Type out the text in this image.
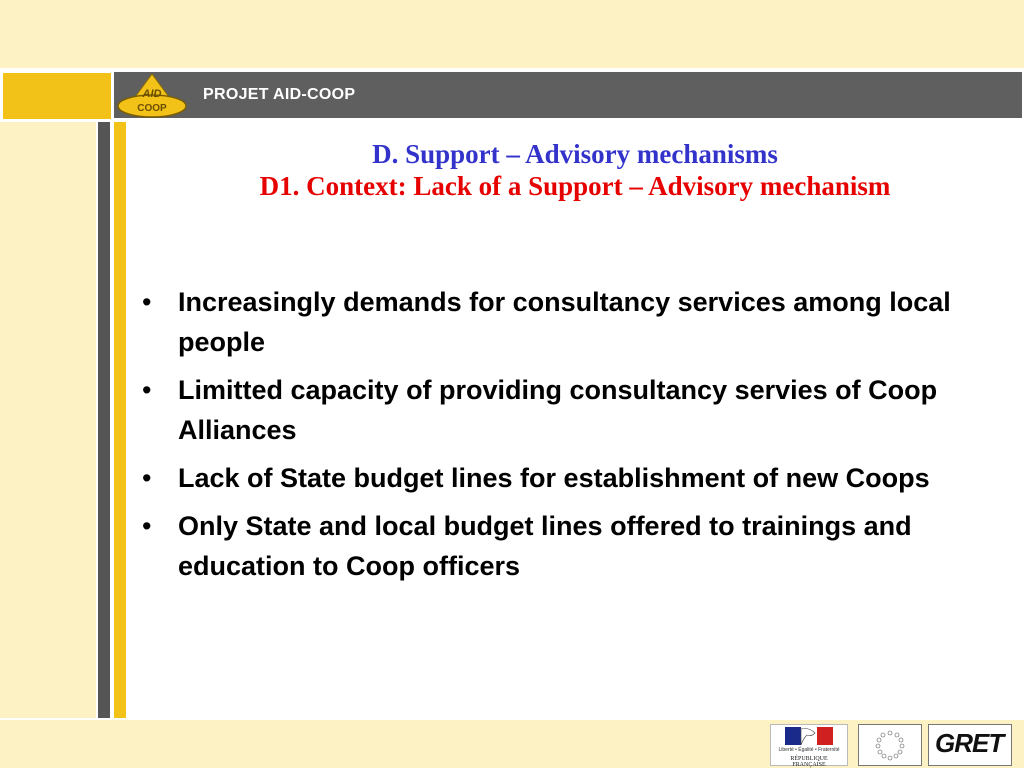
PROJET AID-COOP
AID
COOP

D. Support – Advisory mechanisms

D1. Context: Lack of a Support – Advisory mechanism

• Increasingly demands for consultancy services among local people
• Limitted capacity of providing consultancy servies of Coop Alliances
• Lack of State budget lines for establishment of new Coops
• Only State and local budget lines offered to trainings and education to Coop officers
Liberté • Égalité • Fraternité
RÉPUBLIQUE FRANÇAISE
GRET
